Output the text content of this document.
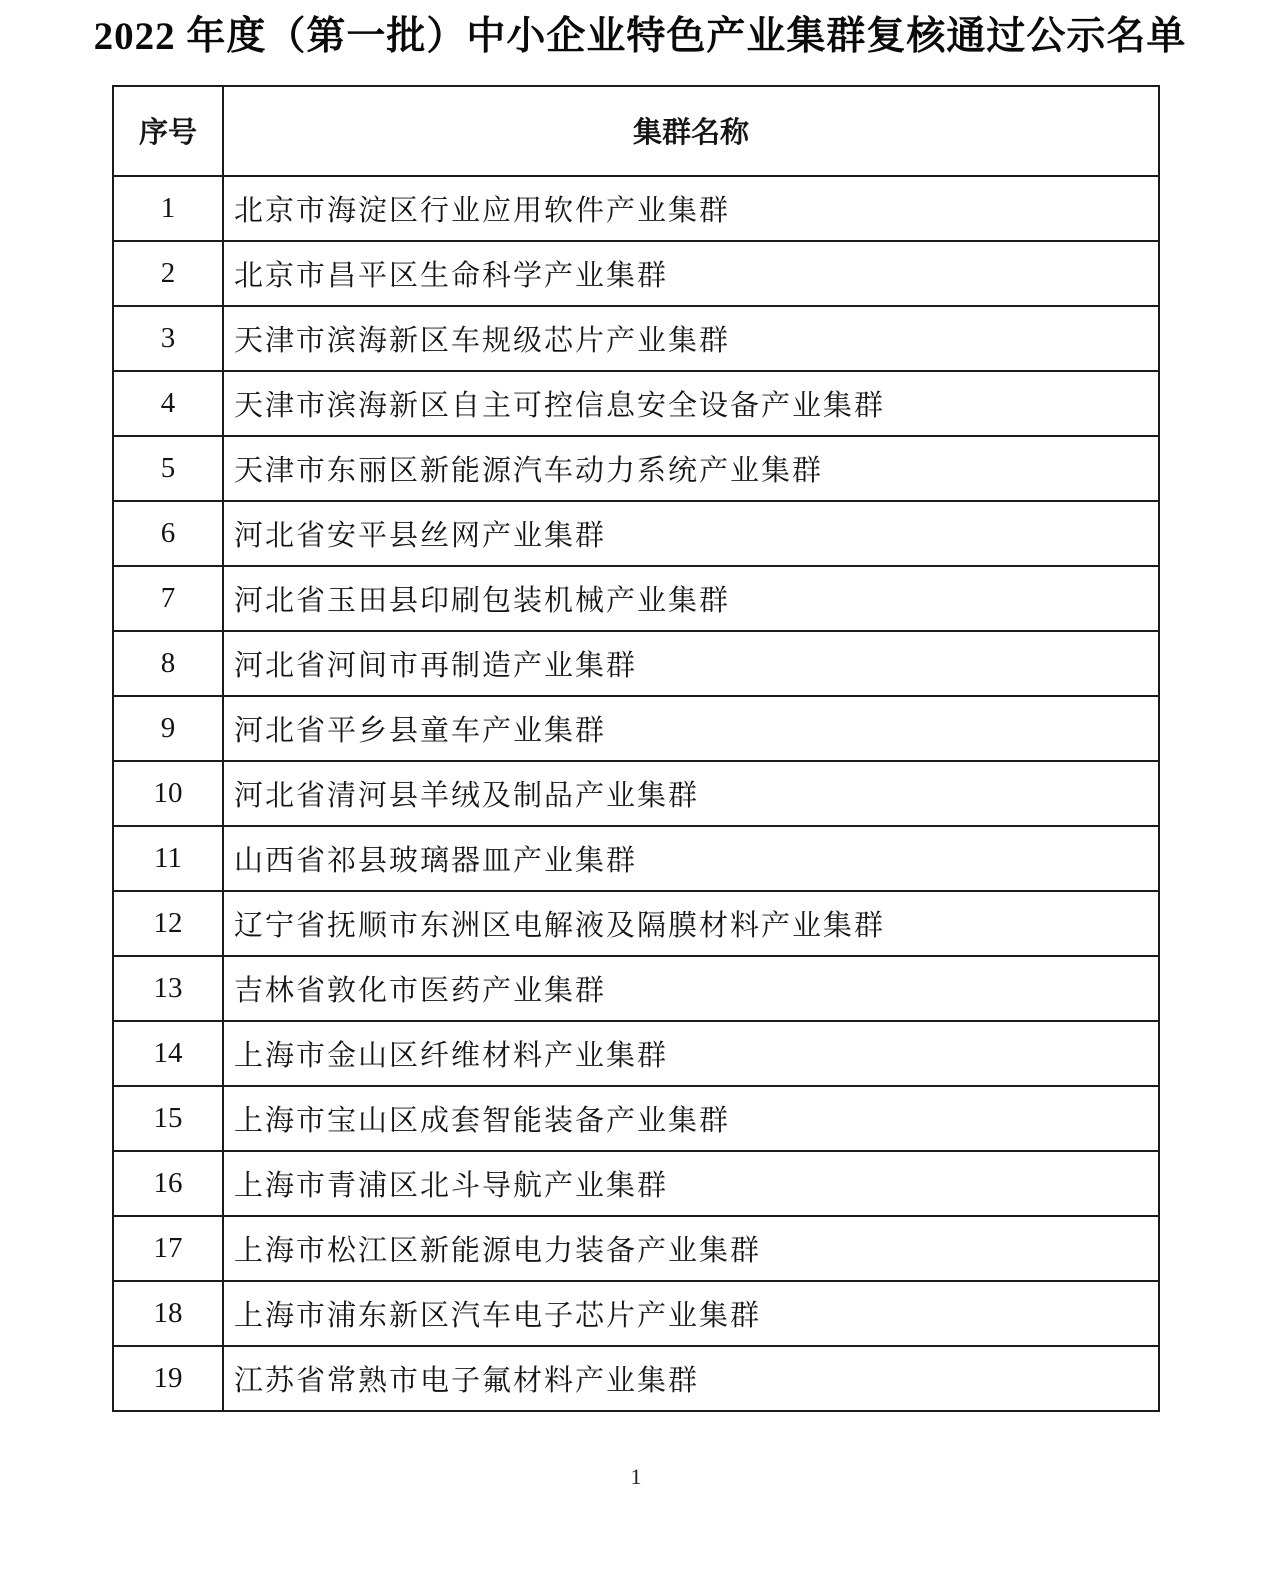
2022 年度（第一批）中小企业特色产业集群复核通过公示名单
序号	集群名称
1	北京市海淀区行业应用软件产业集群
2	北京市昌平区生命科学产业集群
3	天津市滨海新区车规级芯片产业集群
4	天津市滨海新区自主可控信息安全设备产业集群
5	天津市东丽区新能源汽车动力系统产业集群
6	河北省安平县丝网产业集群
7	河北省玉田县印刷包装机械产业集群
8	河北省河间市再制造产业集群
9	河北省平乡县童车产业集群
10	河北省清河县羊绒及制品产业集群
11	山西省祁县玻璃器皿产业集群
12	辽宁省抚顺市东洲区电解液及隔膜材料产业集群
13	吉林省敦化市医药产业集群
14	上海市金山区纤维材料产业集群
15	上海市宝山区成套智能装备产业集群
16	上海市青浦区北斗导航产业集群
17	上海市松江区新能源电力装备产业集群
18	上海市浦东新区汽车电子芯片产业集群
19	江苏省常熟市电子氟材料产业集群
1
